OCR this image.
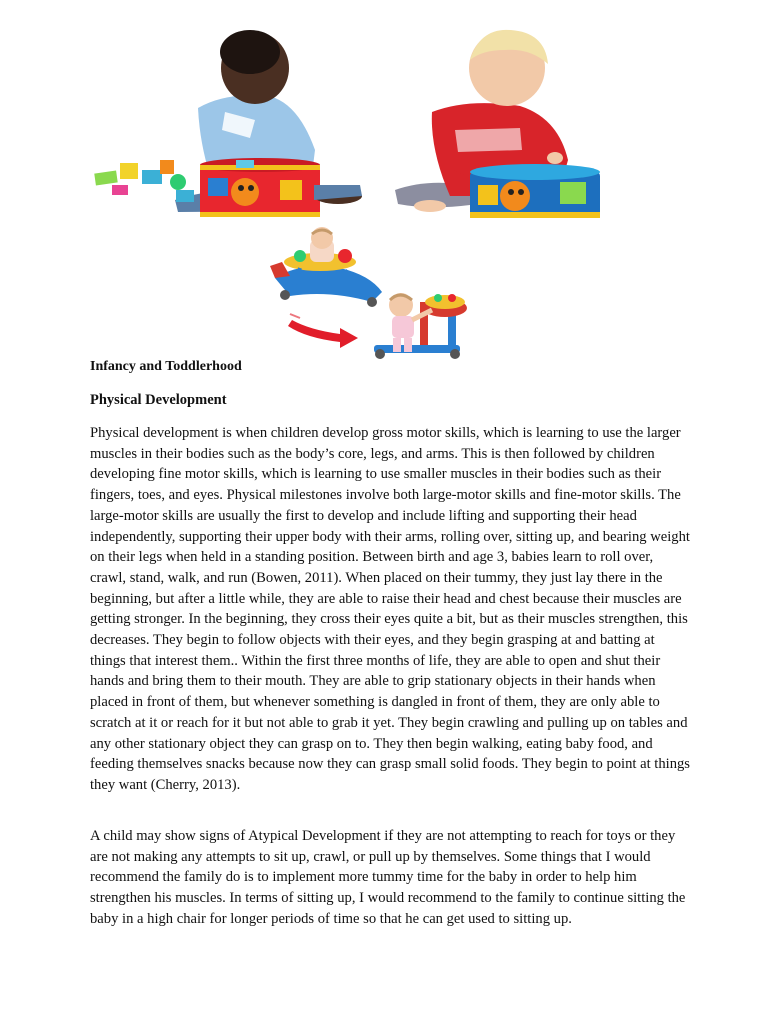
Infancy and Toddlerhood
Physical Development

Physical development is when children develop gross motor skills, which is learning to use the larger muscles in their bodies such as the body’s core, legs, and arms. This is then followed by children developing fine motor skills, which is learning to use smaller muscles in their bodies such as their fingers, toes, and eyes. Physical milestones involve both large-motor skills and fine-motor skills. The large-motor skills are usually the first to develop and include lifting and supporting their head independently, supporting their upper body with their arms, rolling over, sitting up, and bearing weight on their legs when held in a standing position. Between birth and age 3, babies learn to roll over, crawl, stand, walk, and run (Bowen, 2011). When placed on their tummy, they just lay there in the beginning, but after a little while, they are able to raise their head and chest because their muscles are getting stronger. In the beginning, they cross their eyes quite a bit, but as their muscles strengthen, this decreases. They begin to follow objects with their eyes, and they begin grasping at and batting at things that interest them.. Within the first three months of life, they are able to open and shut their hands and bring them to their mouth. They are able to grip stationary objects in their hands when placed in front of them, but whenever something is dangled in front of them, they are only able to scratch at it or reach for it but not able to grab it yet. They begin crawling and pulling up on tables and any other stationary object they can grasp on to. They then begin walking, eating baby food, and feeding themselves snacks because now they can grasp small solid foods. They begin to point at things they want (Cherry, 2013).

A child may show signs of Atypical Development if they are not attempting to reach for toys or they are not making any attempts to sit up, crawl, or pull up by themselves. Some things that I would recommend the family do is to implement more tummy time for the baby in order to help him strengthen his muscles. In terms of sitting up, I would recommend to the family to continue sitting the baby in a high chair for longer periods of time so that he can get used to sitting up.
